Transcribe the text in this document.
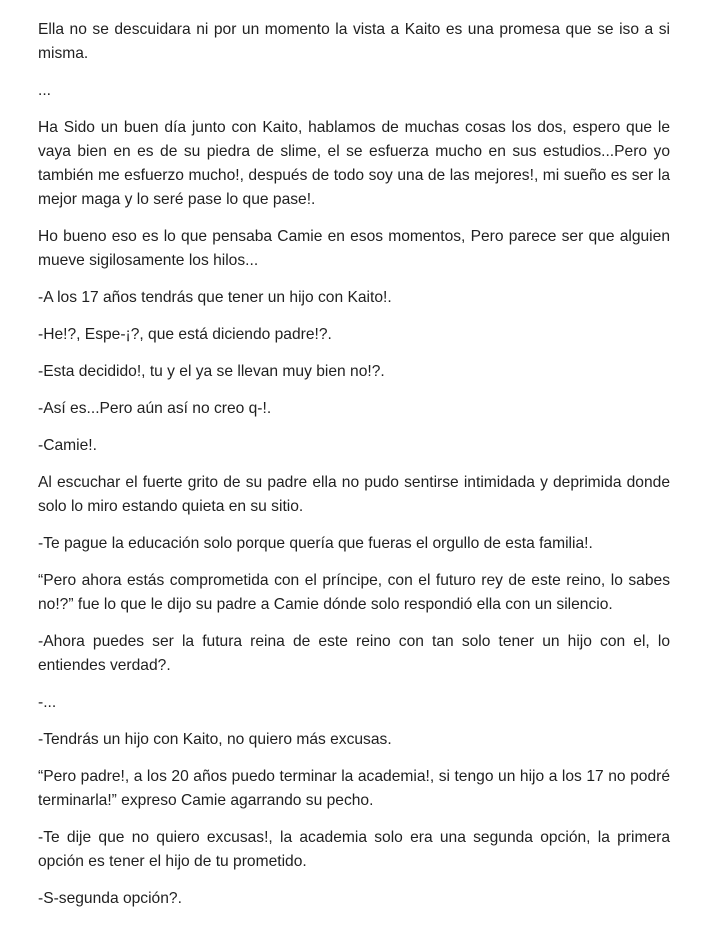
Ella no se descuidara ni por un momento la vista a Kaito es una promesa que se iso a si misma.

...

Ha Sido un buen día junto con Kaito, hablamos de muchas cosas los dos, espero que le vaya bien en es de su piedra de slime, el se esfuerza mucho en sus estudios...Pero yo también me esfuerzo mucho!, después de todo soy una de las mejores!, mi sueño es ser la mejor maga y lo seré pase lo que pase!.

Ho bueno eso es lo que pensaba Camie en esos momentos, Pero parece ser que alguien mueve sigilosamente los hilos...

-A los 17 años tendrás que tener un hijo con Kaito!.

-He!?, Espe-¡?, que está diciendo padre!?.

-Esta decidido!, tu y el ya se llevan muy bien no!?.

-Así es...Pero aún así no creo q-!.

-Camie!.

Al escuchar el fuerte grito de su padre ella no pudo sentirse intimidada y deprimida donde solo lo miro estando quieta en su sitio.

-Te pague la educación solo porque quería que fueras el orgullo de esta familia!.

“Pero ahora estás comprometida con el príncipe, con el futuro rey de este reino, lo sabes no!?” fue lo que le dijo su padre a Camie dónde solo respondió ella con un silencio.

-Ahora puedes ser la futura reina de este reino con tan solo tener un hijo con el, lo entiendes verdad?.

-...

-Tendrás un hijo con Kaito, no quiero más excusas.

“Pero padre!, a los 20 años puedo terminar la academia!, si tengo un hijo a los 17 no podré terminarla!” expreso Camie agarrando su pecho.

-Te dije que no quiero excusas!, la academia solo era una segunda opción, la primera opción es tener el hijo de tu prometido.

-S-segunda opción?.
